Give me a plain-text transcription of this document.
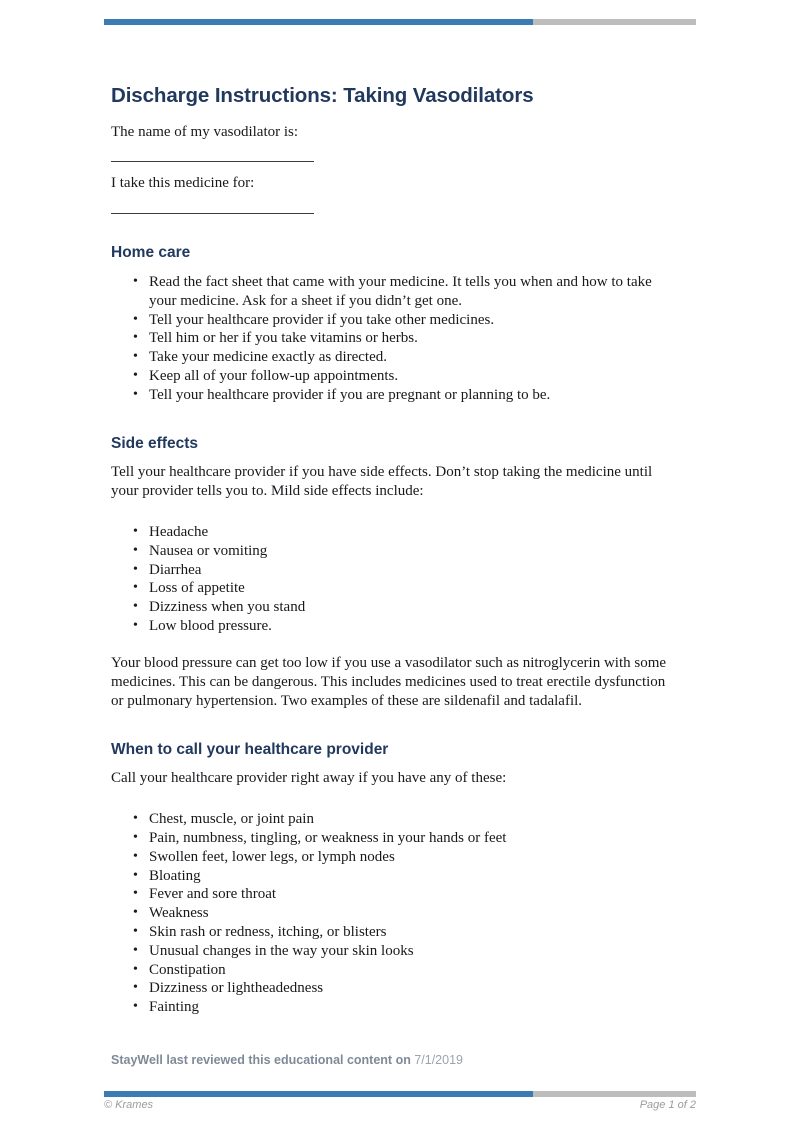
Discharge Instructions: Taking Vasodilators

The name of my vasodilator is:

I take this medicine for:

Home care
• Read the fact sheet that came with your medicine. It tells you when and how to take your medicine. Ask for a sheet if you didn’t get one.
• Tell your healthcare provider if you take other medicines.
• Tell him or her if you take vitamins or herbs.
• Take your medicine exactly as directed.
• Keep all of your follow-up appointments.
• Tell your healthcare provider if you are pregnant or planning to be.
Side effects

Tell your healthcare provider if you have side effects. Don’t stop taking the medicine until your provider tells you to. Mild side effects include:

• Headache
• Nausea or vomiting
• Diarrhea
• Loss of appetite
• Dizziness when you stand
• Low blood pressure.

Your blood pressure can get too low if you use a vasodilator such as nitroglycerin with some medicines. This can be dangerous. This includes medicines used to treat erectile dysfunction or pulmonary hypertension. Two examples of these are sildenafil and tadalafil.

When to call your healthcare provider

Call your healthcare provider right away if you have any of these:

• Chest, muscle, or joint pain
• Pain, numbness, tingling, or weakness in your hands or feet
• Swollen feet, lower legs, or lymph nodes
• Bloating
• Fever and sore throat
• Weakness
• Skin rash or redness, itching, or blisters
• Unusual changes in the way your skin looks
• Constipation
• Dizziness or lightheadedness
• Fainting
StayWell last reviewed this educational content on 7/1/2019
© Krames	Page 1 of 2
